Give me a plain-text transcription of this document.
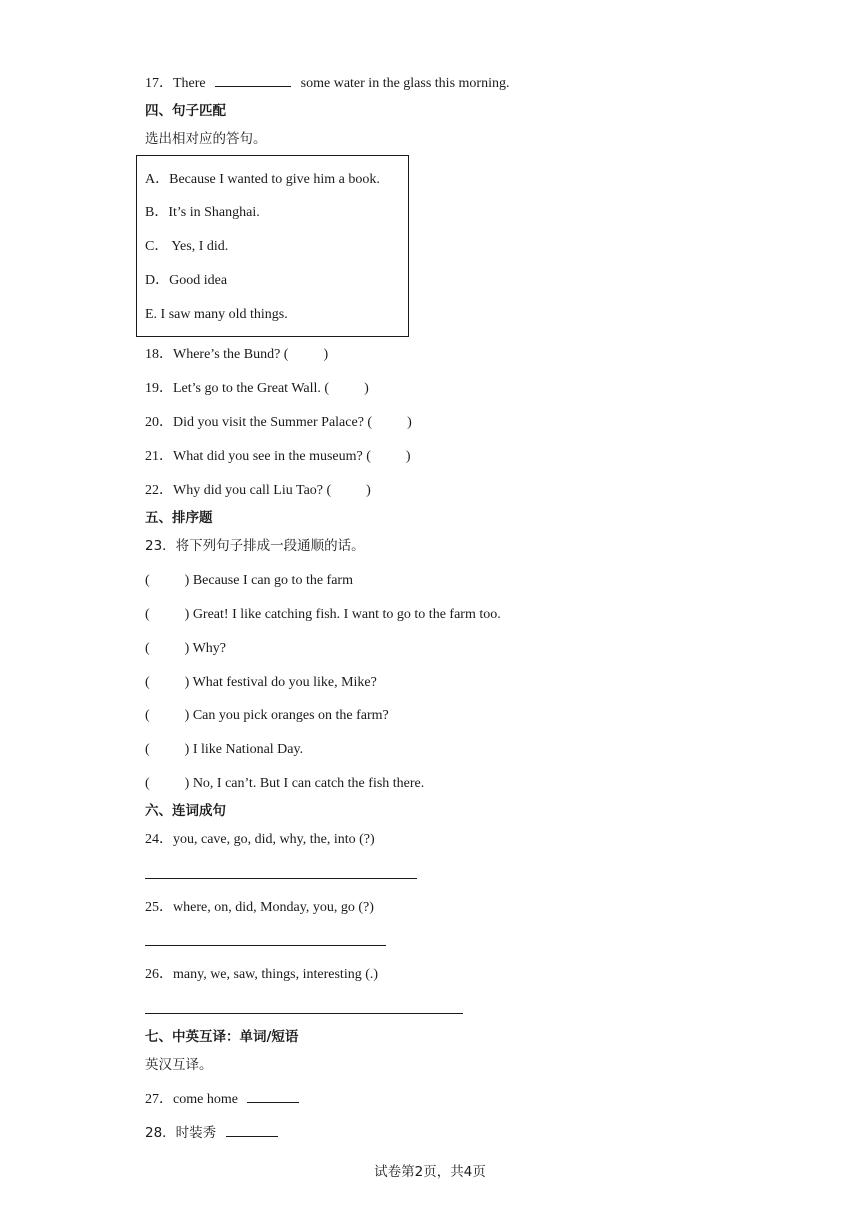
17．There	some water in the glass this morning.
四、句子匹配
选出相对应的答句。
A．Because I wanted to give him a book.
B．It’s in Shanghai.
C． Yes, I did.
D．Good idea
E. I saw many old things.
18．Where’s the Bund? (          )
19．Let’s go to the Great Wall. (          )
20．Did you visit the Summer Palace? (          )
21．What did you see in the museum? (          )
22．Why did you call Liu Tao? (          )
五、排序题
23．将下列句子排成一段通顺的话。
(          ) Because I can go to the farm
(          ) Great! I like catching fish. I want to go to the farm too.
(          ) Why?
(          ) What festival do you like, Mike?
(          ) Can you pick oranges on the farm?
(          ) I like National Day.
(          ) No, I can’t. But I can catch the fish there.
六、连词成句
24．you, cave, go, did, why, the, into (?)
25．where, on, did, Monday, you, go (?)
26．many, we, saw, things, interesting (.)
七、中英互译：单词/短语
英汉互译。
27．come home
28．时装秀
试卷第2页，共4页
